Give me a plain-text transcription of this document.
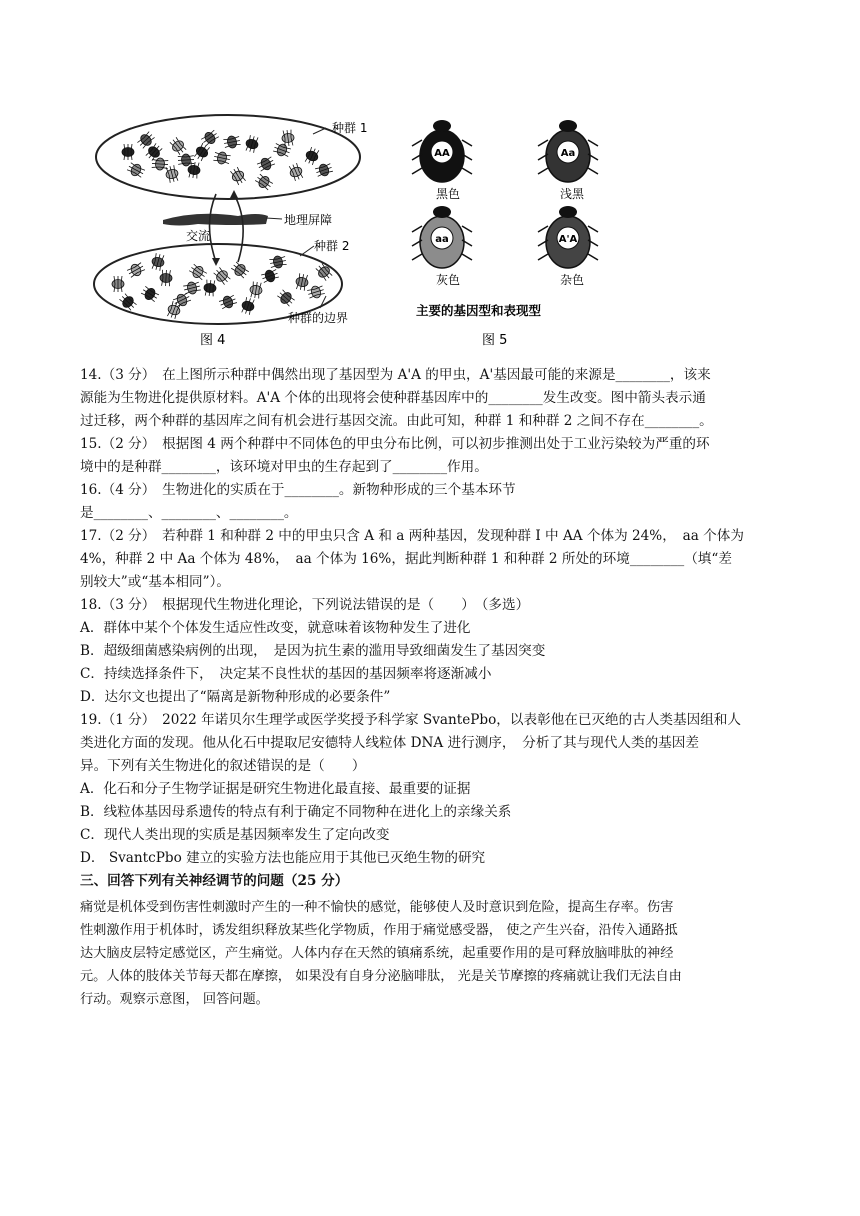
种群 1
地理屏障
交流
种群 2
种群的边界
图 4
AA
黑色
Aa
浅黑
aa
灰色
A'A
杂色
主要的基因型和表现型
图 5
14.（3 分）　在上图所示种群中偶然出现了基因型为 A'A 的甲虫，A'基因最可能的来源是________，该来
源能为生物进化提供原材料。A'A 个体的出现将会使种群基因库中的________发生改变。图中箭头表示通
过迁移，两个种群的基因库之间有机会进行基因交流。由此可知，种群 1 和种群 2 之间不存在________。
15.（2 分）　根据图 4 两个种群中不同体色的甲虫分布比例，可以初步推测出处于工业污染较为严重的环
境中的是种群________，该环境对甲虫的生存起到了________作用。
16.（4 分）　生物进化的实质在于________。新物种形成的三个基本环节
是________、________、________。
17.（2 分）　若种群 1 和种群 2 中的甲虫只含 A 和 a 两种基因，发现种群 I 中 AA 个体为 24%，　aa 个体为
4%，种群 2 中 Aa 个体为 48%，　aa 个体为 16%，据此判断种群 1 和种群 2 所处的环境________（填“差
别较大”或“基本相同”）。
18.（3 分）　根据现代生物进化理论，下列说法错误的是（　　）　（多选）
A．群体中某个个体发生适应性改变，就意味着该物种发生了进化
B．超级细菌感染病例的出现，　是因为抗生素的滥用导致细菌发生了基因突变
C．持续选择条件下，　决定某不良性状的基因的基因频率将逐渐减小
D．达尔文也提出了“隔离是新物种形成的必要条件”
19.（1 分）　2022 年诺贝尔生理学或医学奖授予科学家 SvantePbo，以表彰他在已灭绝的古人类基因组和人
类进化方面的发现。他从化石中提取尼安德特人线粒体 DNA 进行测序，　分析了其与现代人类的基因差
异。下列有关生物进化的叙述错误的是（　　）
A．化石和分子生物学证据是研究生物进化最直接、最重要的证据
B．线粒体基因母系遗传的特点有利于确定不同物种在进化上的亲缘关系
C．现代人类出现的实质是基因频率发生了定向改变
D． SvantcPbo 建立的实验方法也能应用于其他已灭绝生物的研究
三、回答下列有关神经调节的问题（25 分）
痛觉是机体受到伤害性刺激时产生的一种不愉快的感觉，能够使人及时意识到危险，提高生存率。伤害
性刺激作用于机体时，诱发组织释放某些化学物质，作用于痛觉感受器， 使之产生兴奋，沿传入通路抵
达大脑皮层特定感觉区，产生痛觉。人体内存在天然的镇痛系统，起重要作用的是可释放脑啡肽的神经
元。人体的肢体关节每天都在摩擦， 如果没有自身分泌脑啡肽， 光是关节摩擦的疼痛就让我们无法自由
行动。观察示意图， 回答问题。
